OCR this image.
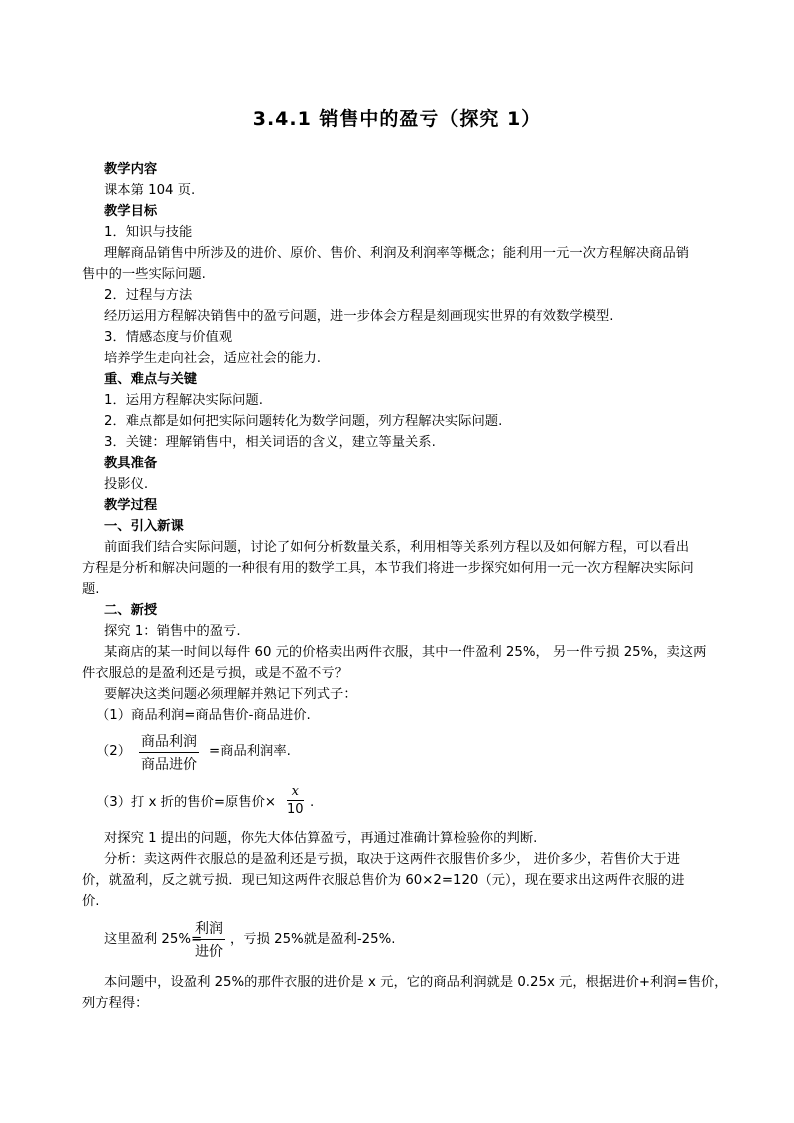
3.4.1 销售中的盈亏（探究 1）
教学内容
课本第 104 页.
教学目标
1．知识与技能
理解商品销售中所涉及的进价、原价、售价、利润及利润率等概念；能利用一元一次方程解决商品销
售中的一些实际问题.
2．过程与方法
经历运用方程解决销售中的盈亏问题，进一步体会方程是刻画现实世界的有效数学模型.
3．情感态度与价值观
培养学生走向社会，适应社会的能力.
重、难点与关键
1．运用方程解决实际问题.
2．难点都是如何把实际问题转化为数学问题，列方程解决实际问题.
3．关键：理解销售中，相关词语的含义，建立等量关系.
教具准备
投影仪.
教学过程
一、引入新课
前面我们结合实际问题，讨论了如何分析数量关系，利用相等关系列方程以及如何解方程，可以看出
方程是分析和解决问题的一种很有用的数学工具，本节我们将进一步探究如何用一元一次方程解决实际问
题.
二、新授
探究 1：销售中的盈亏.
某商店的某一时间以每件 60 元的价格卖出两件衣服，其中一件盈利 25%， 另一件亏损 25%，卖这两
件衣服总的是盈利还是亏损，或是不盈不亏？
要解决这类问题必须理解并熟记下列式子：
（1）商品利润=商品售价-商品进价.
（2）
商品利润
商品进价
=商品利润率.
（3）打 x 折的售价=原售价× $\frac{x}{10}$ .
对探究 1 提出的问题，你先大体估算盈亏，再通过准确计算检验你的判断.
分析：卖这两件衣服总的是盈利还是亏损，取决于这两件衣服售价多少， 进价多少，若售价大于进
价，就盈利，反之就亏损．现已知这两件衣服总售价为 60×2=120（元），现在要求出这两件衣服的进
价.
这里盈利 25%=
利润
进价
，亏损 25%就是盈利-25%.
本问题中，设盈利 25%的那件衣服的进价是 x 元，它的商品利润就是 0.25x 元，根据进价+利润=售价，
列方程得：
